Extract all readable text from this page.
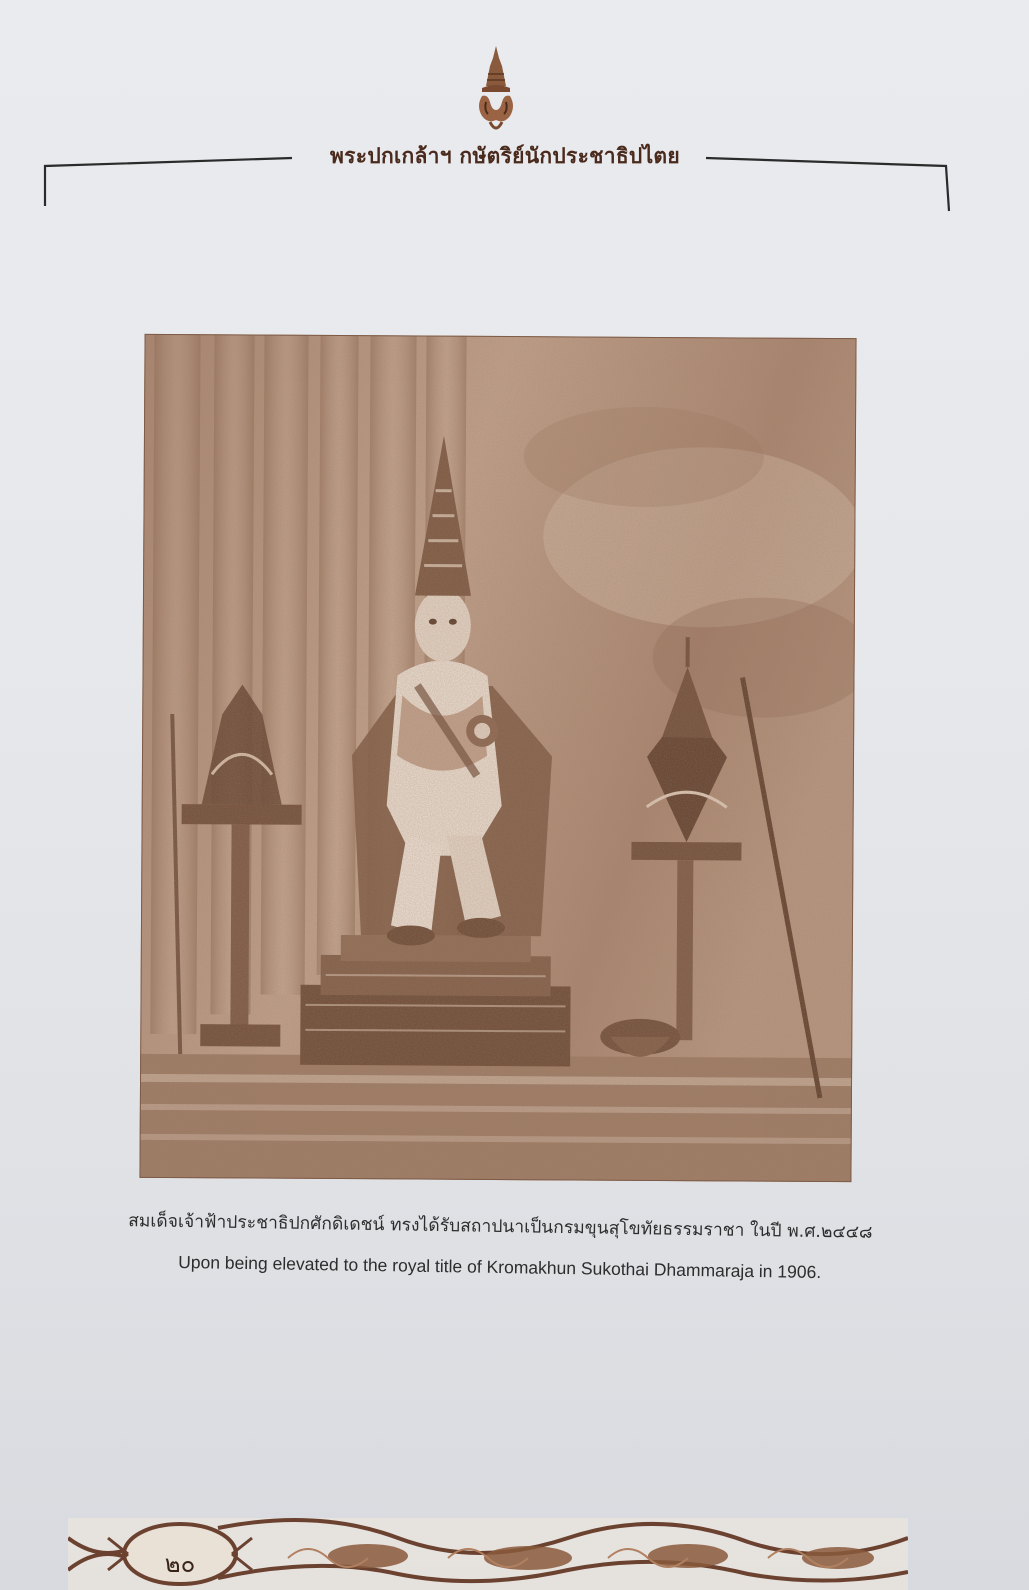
พระปกเกล้าฯ กษัตริย์นักประชาธิปไตย
สมเด็จเจ้าฟ้าประชาธิปกศักดิเดชน์ ทรงได้รับสถาปนาเป็นกรมขุนสุโขทัยธรรมราชา ในปี พ.ศ.๒๔๔๘
Upon being elevated to the royal title of Kromakhun Sukothai Dhammaraja in 1906.
๒๐
